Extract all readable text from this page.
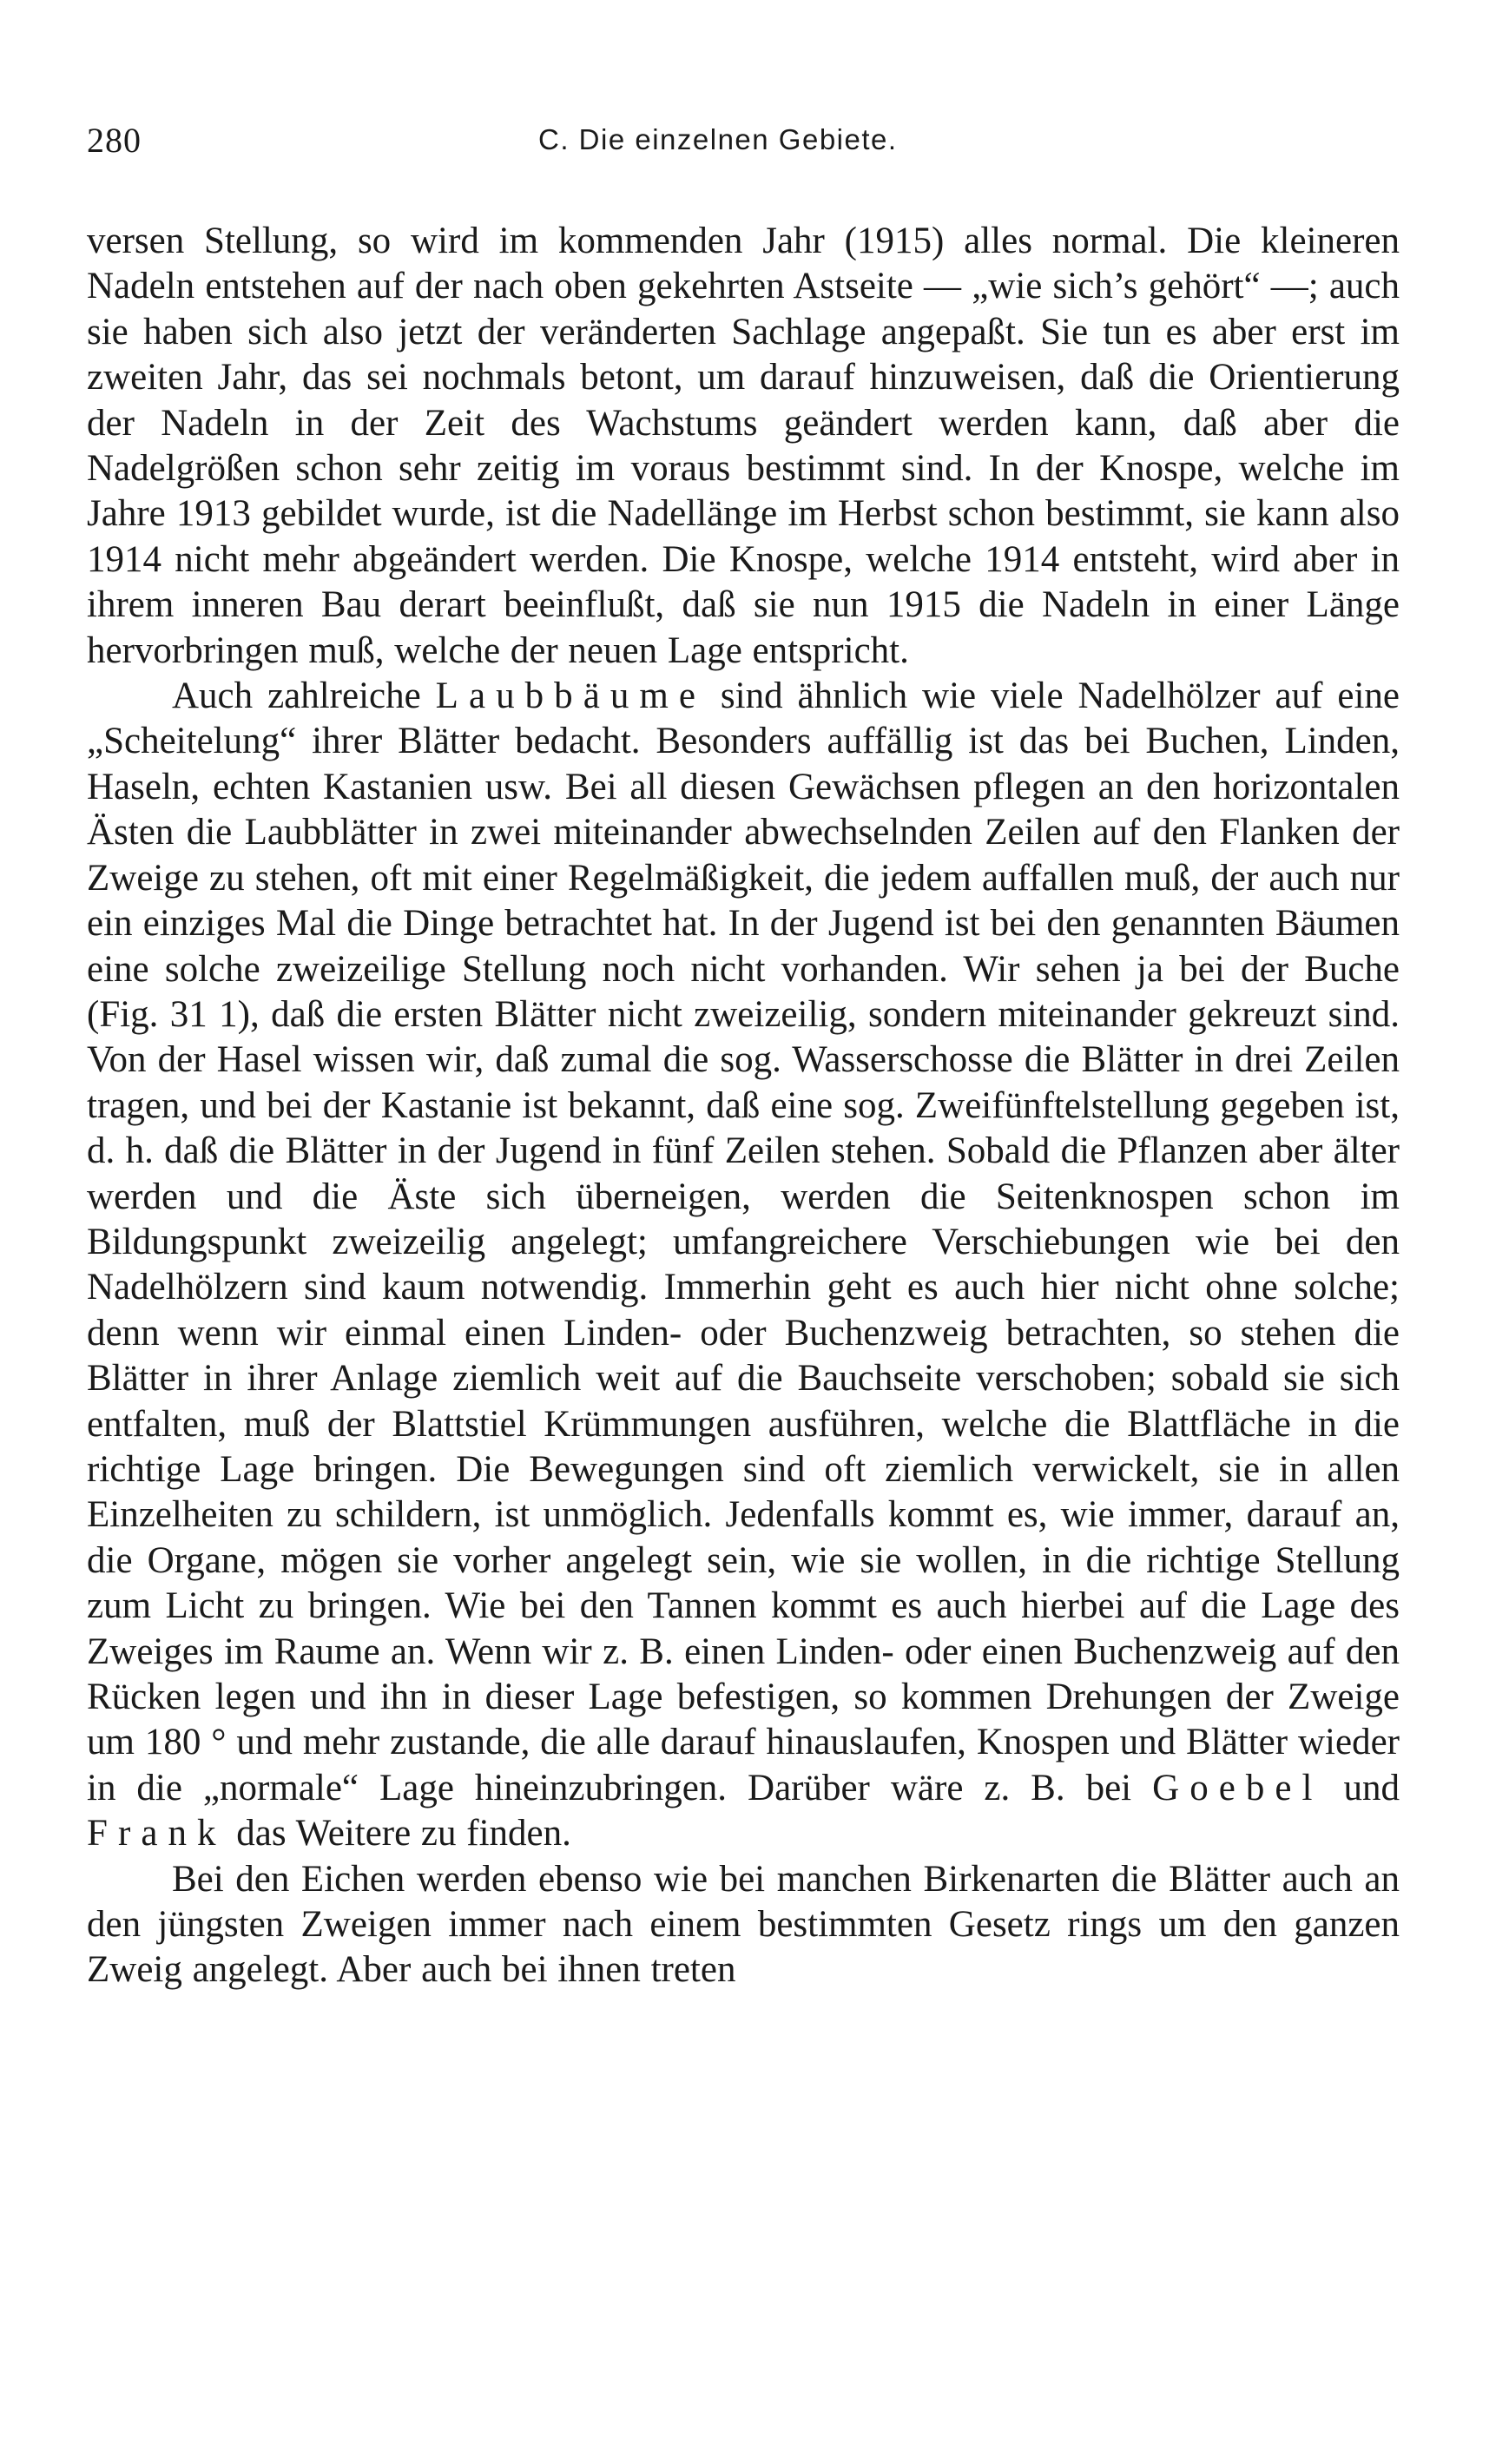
280	C. Die einzelnen Gebiete.

versen Stellung, so wird im kommenden Jahr (1915) alles normal. Die kleineren Nadeln entstehen auf der nach oben gekehrten Astseite — „wie sich’s gehört“ —; auch sie haben sich also jetzt der veränderten Sachlage angepaßt. Sie tun es aber erst im zweiten Jahr, das sei nochmals betont, um darauf hinzuweisen, daß die Orientierung der Nadeln in der Zeit des Wachstums geändert werden kann, daß aber die Nadelgrößen schon sehr zeitig im voraus bestimmt sind. In der Knospe, welche im Jahre 1913 gebildet wurde, ist die Nadellänge im Herbst schon bestimmt, sie kann also 1914 nicht mehr abgeändert werden. Die Knospe, welche 1914 entsteht, wird aber in ihrem inneren Bau derart beeinflußt, daß sie nun 1915 die Nadeln in einer Länge hervorbringen muß, welche der neuen Lage entspricht.

Auch zahlreiche Laubbäume sind ähnlich wie viele Nadelhölzer auf eine „Scheitelung“ ihrer Blätter bedacht. Besonders auffällig ist das bei Buchen, Linden, Haseln, echten Kastanien usw. Bei all diesen Gewächsen pflegen an den horizontalen Ästen die Laubblätter in zwei miteinander abwechselnden Zeilen auf den Flanken der Zweige zu stehen, oft mit einer Regelmäßigkeit, die jedem auffallen muß, der auch nur ein einziges Mal die Dinge betrachtet hat. In der Jugend ist bei den genannten Bäumen eine solche zweizeilige Stellung noch nicht vorhanden. Wir sehen ja bei der Buche (Fig. 31 1), daß die ersten Blätter nicht zweizeilig, sondern miteinander gekreuzt sind. Von der Hasel wissen wir, daß zumal die sog. Wasserschosse die Blätter in drei Zeilen tragen, und bei der Kastanie ist bekannt, daß eine sog. Zweifünftelstellung gegeben ist, d. h. daß die Blätter in der Jugend in fünf Zeilen stehen. Sobald die Pflanzen aber älter werden und die Äste sich überneigen, werden die Seitenknospen schon im Bildungspunkt zweizeilig angelegt; umfangreichere Verschiebungen wie bei den Nadelhölzern sind kaum notwendig. Immerhin geht es auch hier nicht ohne solche; denn wenn wir einmal einen Linden- oder Buchenzweig betrachten, so stehen die Blätter in ihrer Anlage ziemlich weit auf die Bauchseite verschoben; sobald sie sich entfalten, muß der Blattstiel Krümmungen ausführen, welche die Blattfläche in die richtige Lage bringen. Die Bewegungen sind oft ziemlich verwickelt, sie in allen Einzelheiten zu schildern, ist unmöglich. Jedenfalls kommt es, wie immer, darauf an, die Organe, mögen sie vorher angelegt sein, wie sie wollen, in die richtige Stellung zum Licht zu bringen. Wie bei den Tannen kommt es auch hierbei auf die Lage des Zweiges im Raume an. Wenn wir z. B. einen Linden- oder einen Buchenzweig auf den Rücken legen und ihn in dieser Lage befestigen, so kommen Drehungen der Zweige um 180 ° und mehr zustande, die alle darauf hinauslaufen, Knospen und Blätter wieder in die „normale“ Lage hineinzubringen. Darüber wäre z. B. bei Goebel und Frank das Weitere zu finden.

Bei den Eichen werden ebenso wie bei manchen Birkenarten die Blätter auch an den jüngsten Zweigen immer nach einem bestimmten Gesetz rings um den ganzen Zweig angelegt. Aber auch bei ihnen treten
